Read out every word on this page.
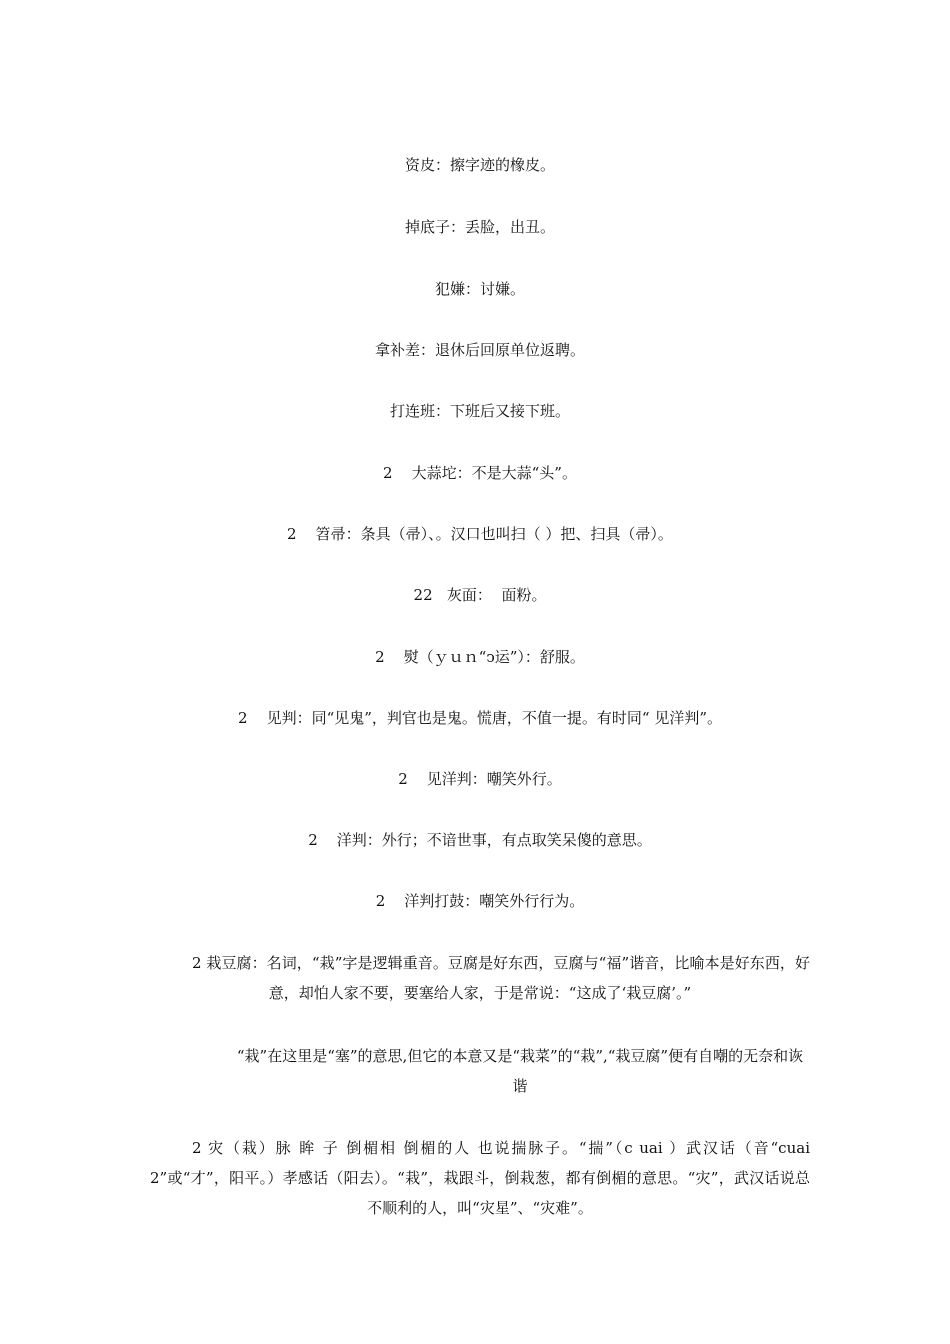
资皮：擦字迹的橡皮。
掉底子：丢脸，出丑。
犯嫌：讨嫌。
拿补差：退休后回原单位返聘。
打连班：下班后又接下班。
2    大蒜坨：不是大蒜“头”。
2    笤帚：条具（帚）、。汉口也叫扫（ ）把、扫具（帚）。
22   灰面：  面粉。
2    熨（ｙｕｎ“ↄ运”）：舒服。
2    见判：同“见鬼”，判官也是鬼。慌唐，不值一提。有时同“ 见洋判”。
2    见洋判：嘲笑外行。
2    洋判：外行；不谙世事，有点取笑呆傻的意思。
2    洋判打鼓：嘲笑外行行为。
2 栽豆腐：名词，“栽”字是逻辑重音。豆腐是好东西，豆腐与“福”谐音，比喻本是好东西，好意，却怕人家不要，要塞给人家，于是常说：“这成了‘栽豆腐’。”
“栽”在这里是“塞”的意思,但它的本意又是“栽菜”的“栽”,“栽豆腐”便有自嘲的无奈和诙谐
2 灾（栽）脉 眸 子 倒楣相 倒楣的人 也说揣脉子。“揣”（c uai ）武汉话（音“cuai 2”或“才”，阳平。）孝感话（阳去）。“栽”，栽跟斗，倒栽葱，都有倒楣的意思。“灾”，武汉话说总不顺利的人，叫“灾星”、“灾难”。
